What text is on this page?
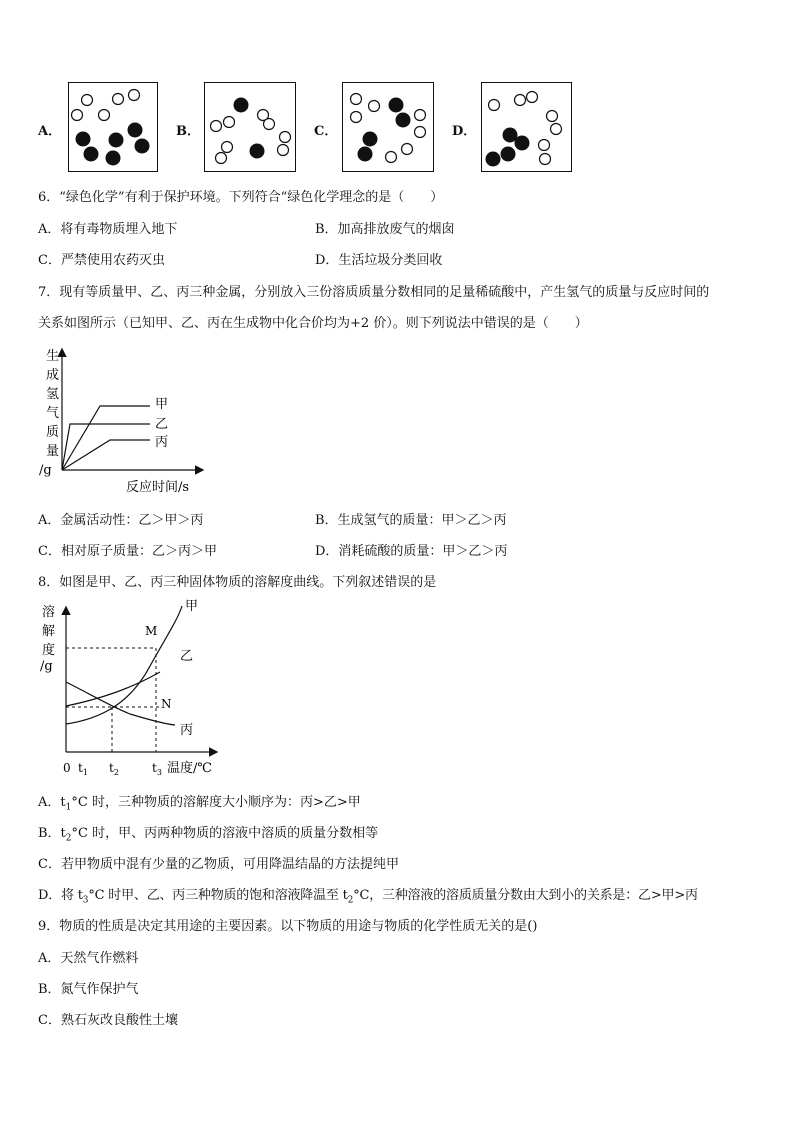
A．	B．	C．	D．
6．“绿色化学”有利于保护环境。下列符合“绿色化学理念的是（　　）
A．将有毒物质埋入地下	B．加高排放废气的烟囱
C．严禁使用农药灭虫	D．生活垃圾分类回收
7．现有等质量甲、乙、丙三种金属，分别放入三份溶质质量分数相同的足量稀硫酸中，产生氢气的质量与反应时间的
关系如图所示（已知甲、乙、丙在生成物中化合价均为+2 价）。则下列说法中错误的是（　　）
生
成
氢
气
质
量
/g
甲
乙
丙
反应时间/s
A．金属活动性：乙＞甲＞丙	B．生成氢气的质量：甲＞乙＞丙
C．相对原子质量：乙＞丙＞甲	D．消耗硫酸的质量：甲＞乙＞丙
8．如图是甲、乙、丙三种固体物质的溶解度曲线。下列叙述错误的是
溶
解
度
/g
甲
乙
丙
M
N
0 $t_1$ $t_2$	$t_3$ 温度/℃
A．$t_1^\circ C$ 时，三种物质的溶解度大小顺序为：丙>乙>甲
B．$t_2^\circ C$ 时，甲、丙两种物质的溶液中溶质的质量分数相等
C．若甲物质中混有少量的乙物质，可用降温结晶的方法提纯甲
D．将 $t_3^\circ C$ 时甲、乙、丙三种物质的饱和溶液降温至 $t_2^\circ C$，三种溶液的溶质质量分数由大到小的关系是：乙>甲>丙
9．物质的性质是决定其用途的主要因素。以下物质的用途与物质的化学性质无关的是()
A．天然气作燃料
B．氮气作保护气
C．熟石灰改良酸性土壤
